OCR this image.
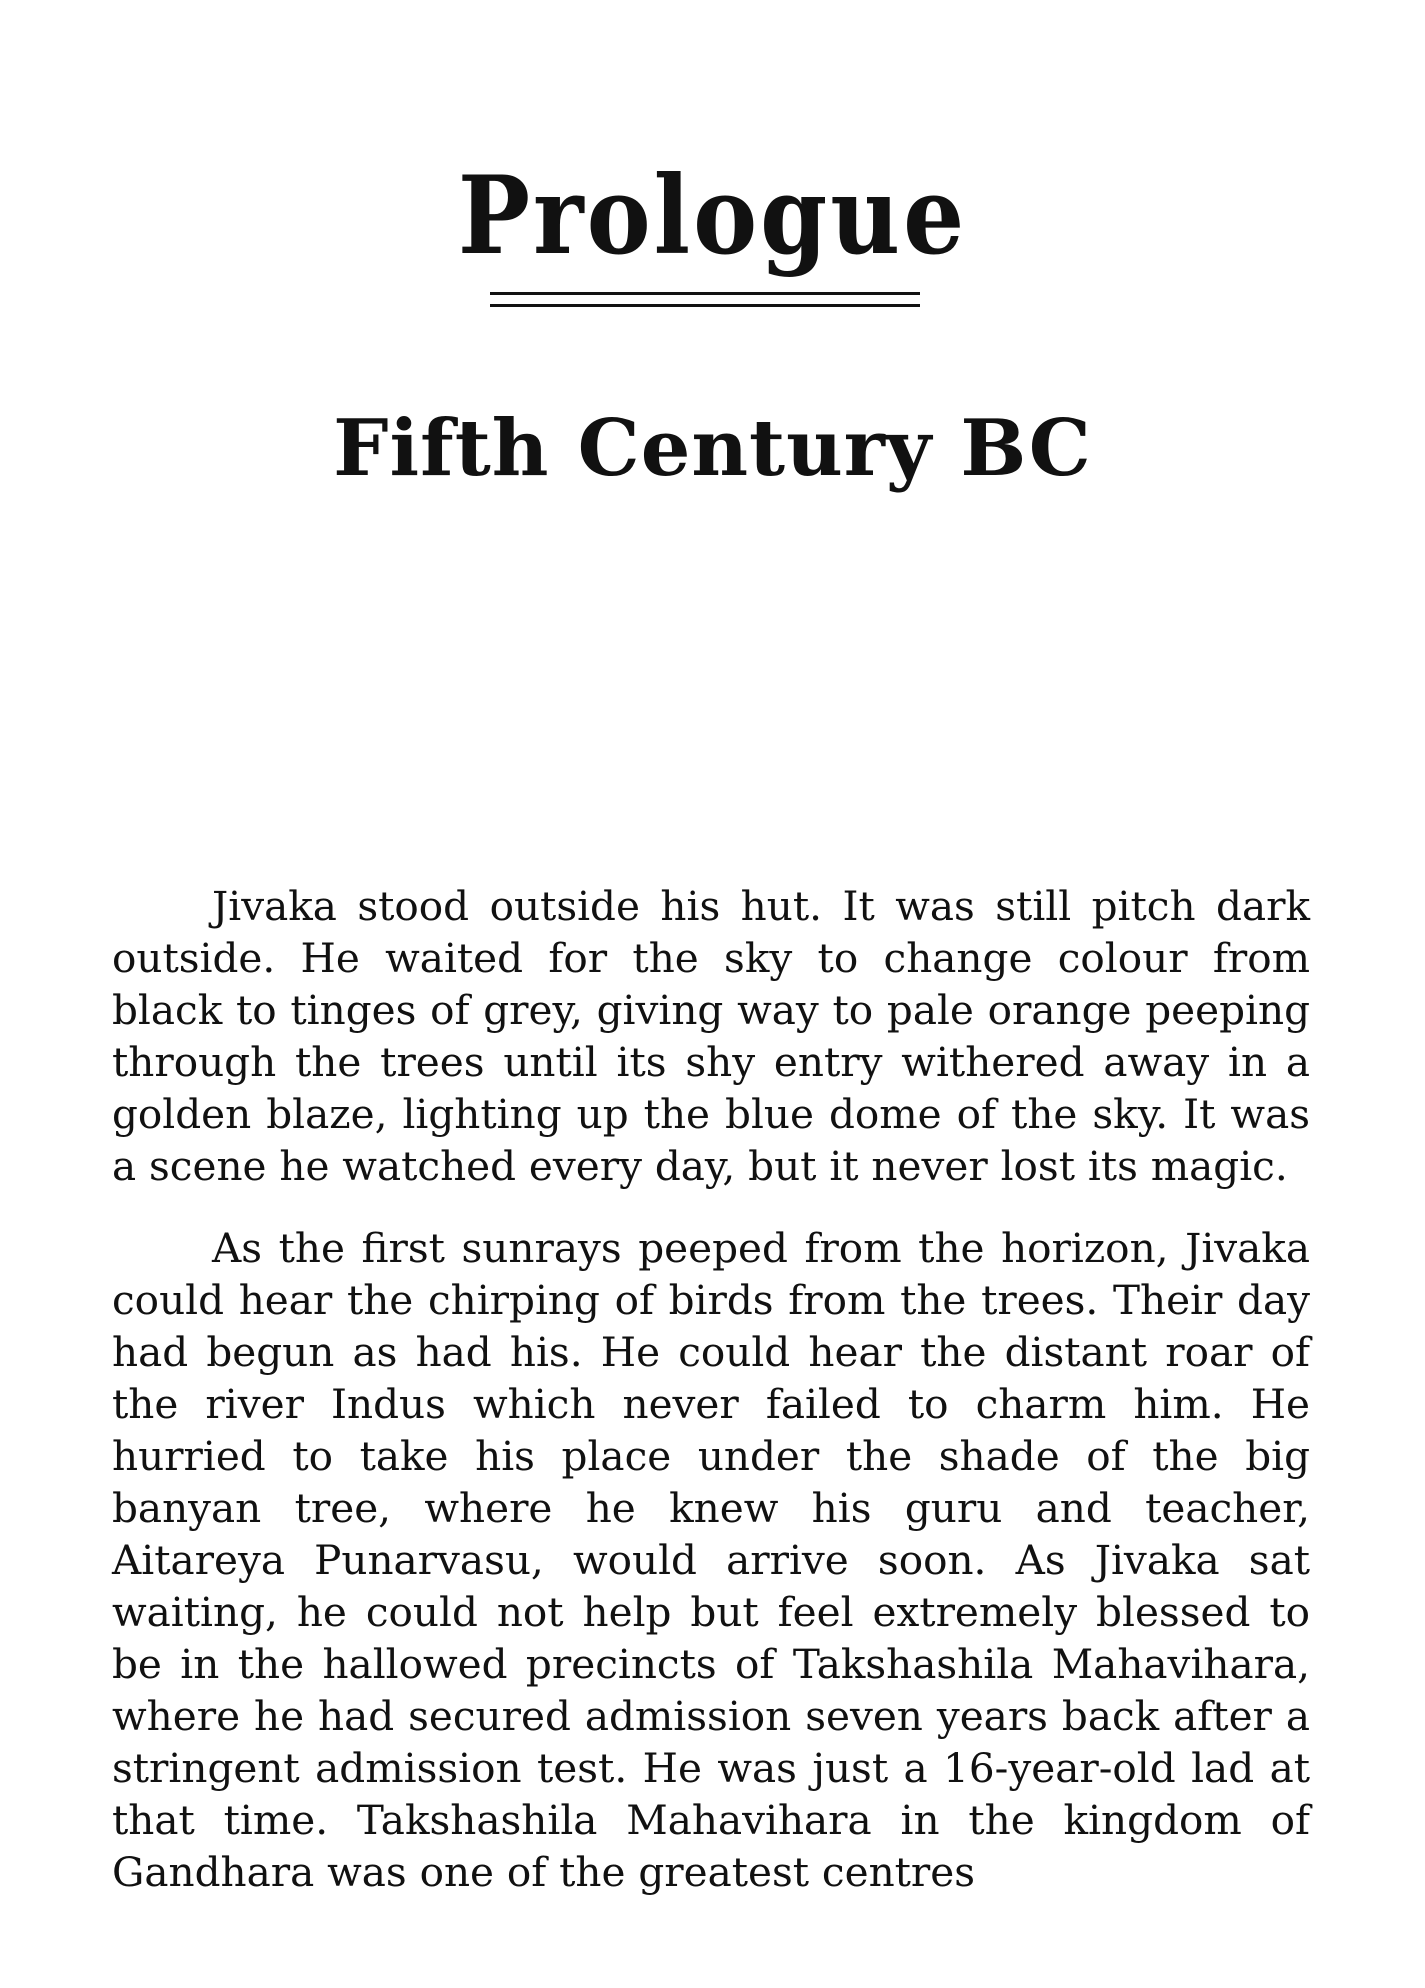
Prologue
Fifth Century BC

Jivaka stood outside his hut. It was still pitch dark outside. He waited for the sky to change colour from black to tinges of grey, giving way to pale orange peeping through the trees until its shy entry withered away in a golden blaze, lighting up the blue dome of the sky. It was a scene he watched every day, but it never lost its magic.

As the first sunrays peeped from the horizon, Jivaka could hear the chirping of birds from the trees. Their day had begun as had his. He could hear the distant roar of the river Indus which never failed to charm him. He hurried to take his place under the shade of the big banyan tree, where he knew his guru and teacher, Aitareya Punarvasu, would arrive soon. As Jivaka sat waiting, he could not help but feel extremely blessed to be in the hallowed precincts of Takshashila Mahavihara, where he had secured admission seven years back after a stringent admission test. He was just a 16-year-old lad at that time. Takshashila Mahavihara in the kingdom of Gandhara was one of the greatest centres
